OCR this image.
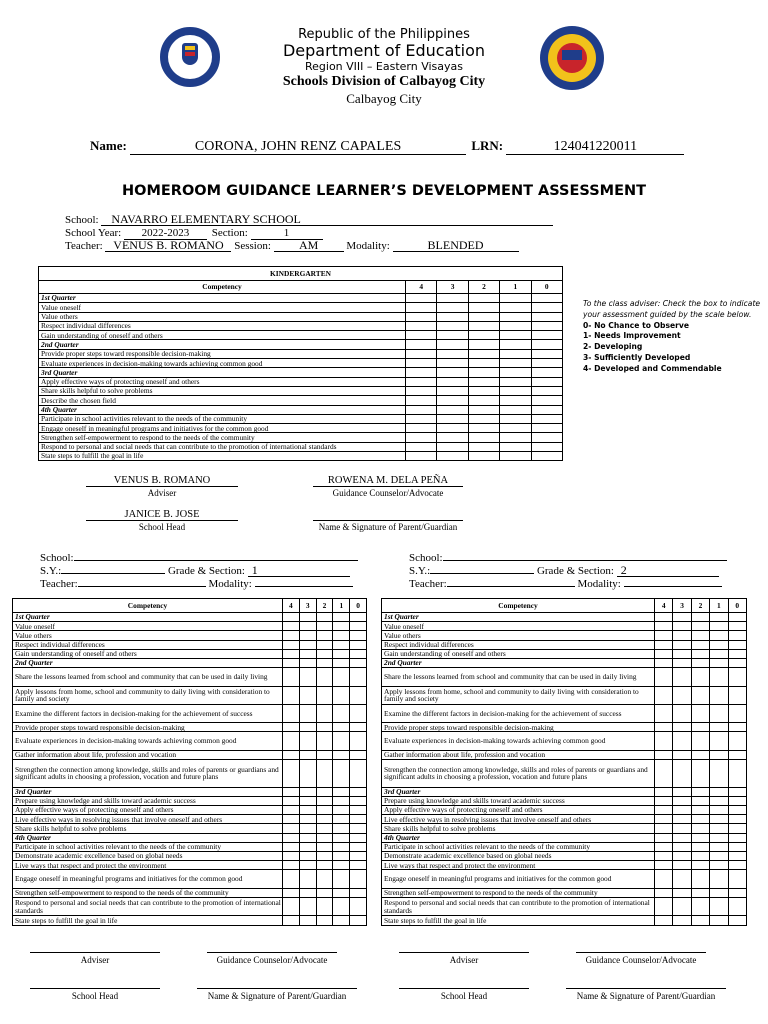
Republic of the Philippines
Department of Education
Region VIII – Eastern Visayas
Schools Division of Calbayog City
Calbayog City
Name:	CORONA, JOHN RENZ CAPALES	LRN:	124041220011
HOMEROOM GUIDANCE LEARNER’S DEVELOPMENT ASSESSMENT
School: NAVARRO ELEMENTARY SCHOOL
School Year: 2022-2023 Section:	1
Teacher: VENUS B. ROMANO Session: AM	Modality:	BLENDED
KINDERGARTEN					
Competency	4	3	2	1	0
1st Quarter					
Value oneself					
Value others					
Respect individual differences					
Gain understanding of oneself and others					
2nd Quarter					
Provide proper steps toward responsible decision-making					
Evaluate experiences in decision-making towards achieving common good					
3rd Quarter					
Apply effective ways of protecting oneself and others					
Share skills helpful to solve problems					
Describe the chosen field					
4th Quarter					
Participate in school activities relevant to the needs of the community					
Engage oneself in meaningful programs and initiatives for the common good					
Strengthen self-empowerment to respond to the needs of the community					
Respond to personal and social needs that can contribute to the promotion of international standards					
State steps to fulfill the goal in life					
To the class adviser: Check the box to indicate your assessment guided by the scale below.
0- No Chance to Observe
1- Needs Improvement
2- Developing
3- Sufficiently Developed
4- Developed and Commendable
VENUS B. ROMANO
Adviser
ROWENA M. DELA PEÑA
Guidance Counselor/Advocate
JANICE B. JOSE
School Head	Name & Signature of Parent/Guardian
School:
S.Y.:	Grade & Section: 1
Teacher:	Modality:
Competency	4	3	2	1	0
1st Quarter					
Value oneself					
Value others					
Respect individual differences					
Gain understanding of oneself and others					
2nd Quarter					
Share the lessons learned from school and community that can be used in daily living					
Apply lessons from home, school and community to daily living with consideration to family and society					
Examine the different factors in decision-making for the achievement of success					
Provide proper steps toward responsible decision-making					
Evaluate experiences in decision-making towards achieving common good					
Gather information about life, profession and vocation					
Strengthen the connection among knowledge, skills and roles of parents or guardians and significant adults in choosing a profession, vocation and future plans					
3rd Quarter					
Prepare using knowledge and skills toward academic success					
Apply effective ways of protecting oneself and others					
Live effective ways in resolving issues that involve oneself and others					
Share skills helpful to solve problems					
4th Quarter					
Participate in school activities relevant to the needs of the community					
Demonstrate academic excellence based on global needs					
Live ways that respect and protect the environment					
Engage oneself in meaningful programs and initiatives for the common good					
Strengthen self-empowerment to respond to the needs of the community					
Respond to personal and social needs that can contribute to the promotion of international standards					
State steps to fulfill the goal in life					
Adviser	Guidance Counselor/Advocate
School Head	Name & Signature of Parent/Guardian
School:
S.Y.:	Grade & Section: 2
Teacher:	Modality:
Competency	4	3	2	1	0
1st Quarter					
Value oneself					
Value others					
Respect individual differences					
Gain understanding of oneself and others					
2nd Quarter					
Share the lessons learned from school and community that can be used in daily living					
Apply lessons from home, school and community to daily living with consideration to family and society					
Examine the different factors in decision-making for the achievement of success					
Provide proper steps toward responsible decision-making					
Evaluate experiences in decision-making towards achieving common good					
Gather information about life, profession and vocation					
Strengthen the connection among knowledge, skills and roles of parents or guardians and significant adults in choosing a profession, vocation and future plans					
3rd Quarter					
Prepare using knowledge and skills toward academic success					
Apply effective ways of protecting oneself and others					
Live effective ways in resolving issues that involve oneself and others					
Share skills helpful to solve problems					
4th Quarter					
Participate in school activities relevant to the needs of the community					
Demonstrate academic excellence based on global needs					
Live ways that respect and protect the environment					
Engage oneself in meaningful programs and initiatives for the common good					
Strengthen self-empowerment to respond to the needs of the community					
Respond to personal and social needs that can contribute to the promotion of international standards					
State steps to fulfill the goal in life					
Adviser	Guidance Counselor/Advocate
School Head	Name & Signature of Parent/Guardian
